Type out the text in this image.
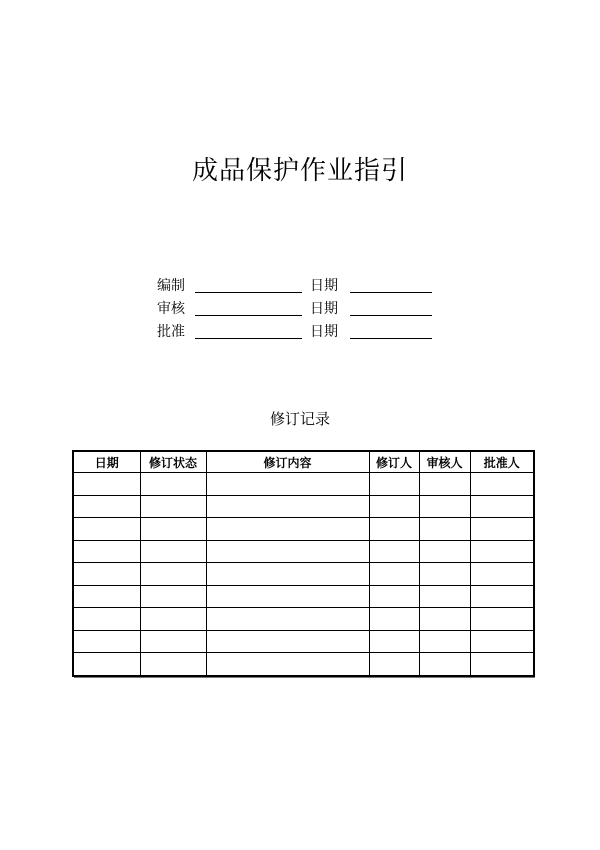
成品保护作业指引
编制	日期
审核	日期
批准	日期
修订记录
日期	修订状态	修订内容	修订人	审核人	批准人
